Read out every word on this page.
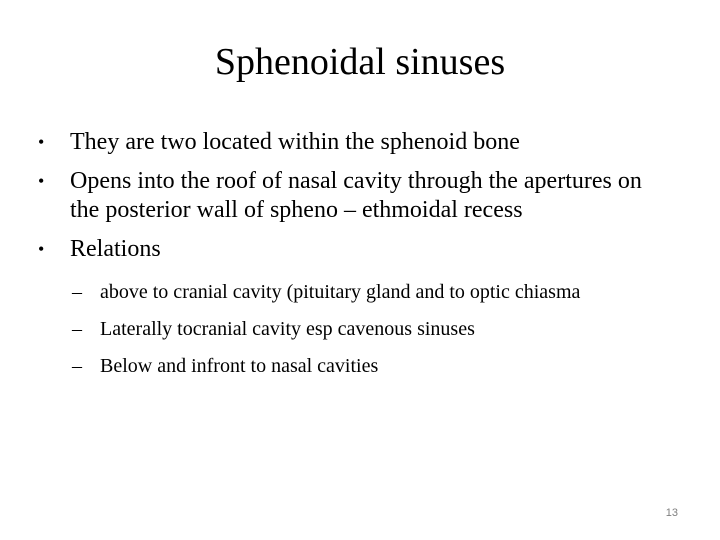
Sphenoidal sinuses
• They are two located within the sphenoid bone
• Opens into the roof of nasal cavity through the apertures on the posterior wall of spheno – ethmoidal recess
• Relations
– above to cranial cavity (pituitary gland and to optic chiasma
– Laterally tocranial cavity esp cavenous sinuses
– Below and infront to nasal cavities
13
